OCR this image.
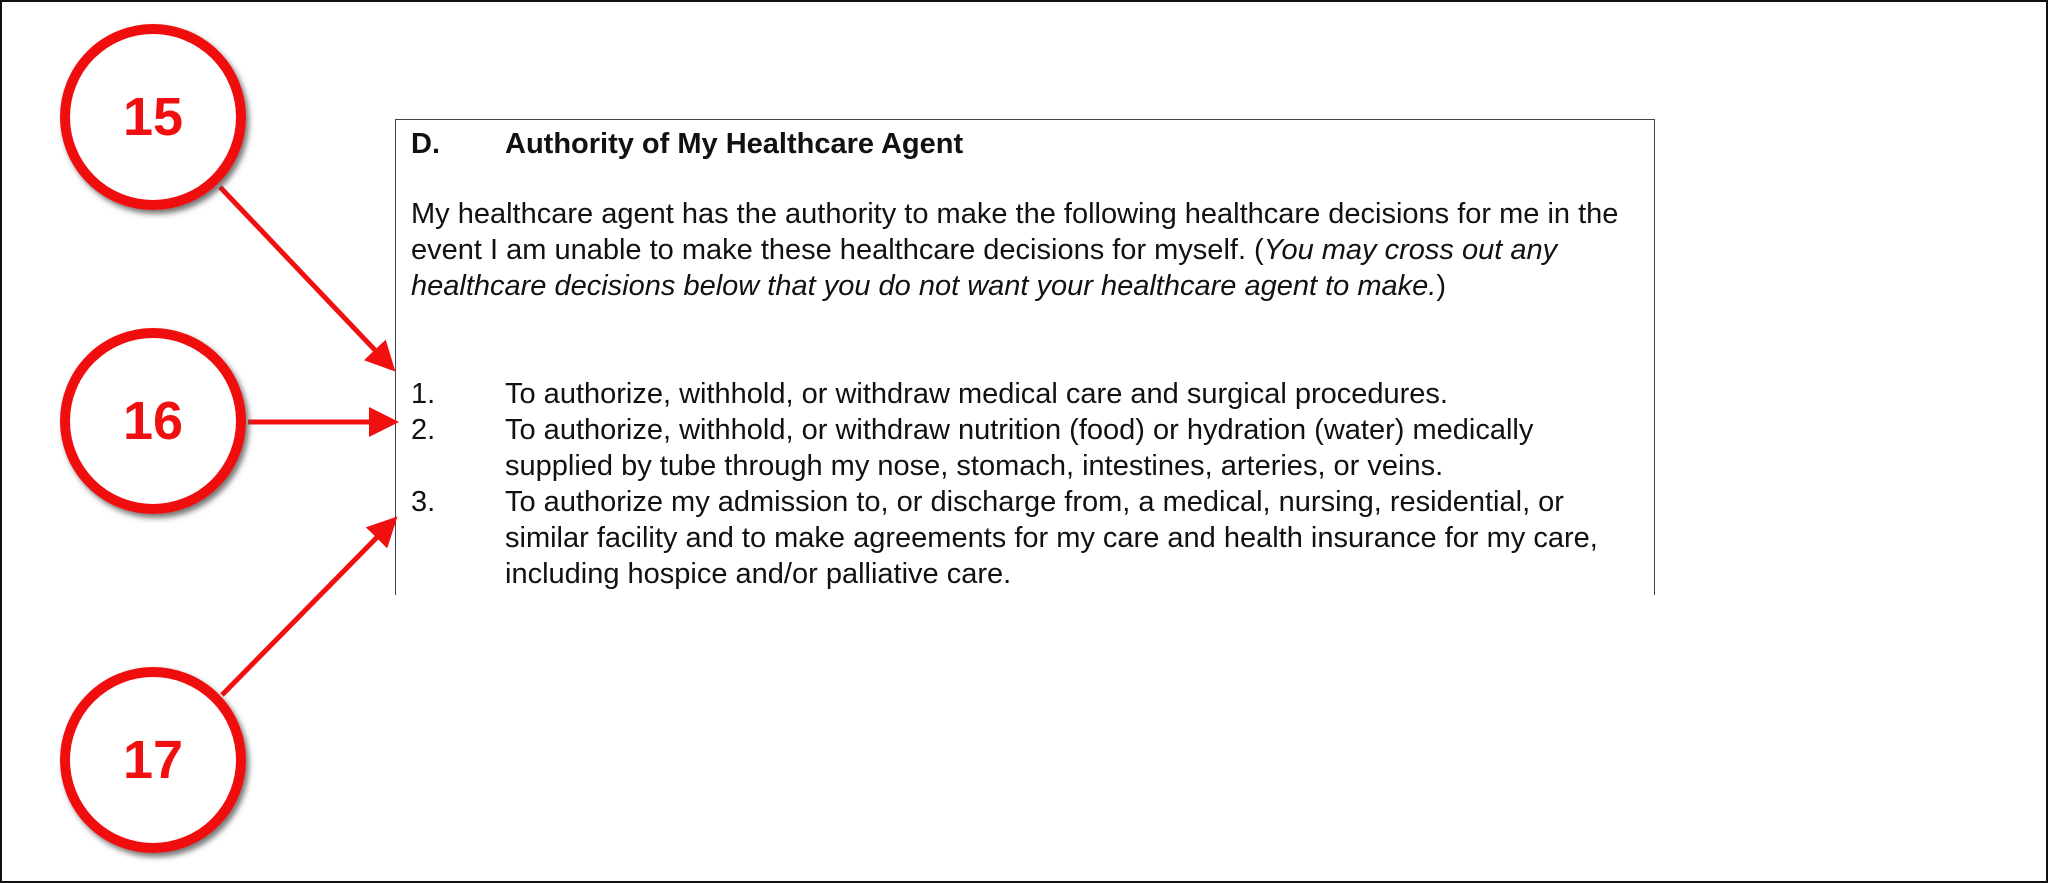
D. Authority of My Healthcare Agent

My healthcare agent has the authority to make the following healthcare decisions for me in the event I am unable to make these healthcare decisions for myself. (You may cross out any healthcare decisions below that you do not want your healthcare agent to make.)

1.	To authorize, withhold, or withdraw medical care and surgical procedures.
2.	To authorize, withhold, or withdraw nutrition (food) or hydration (water) medically supplied by tube through my nose, stomach, intestines, arteries, or veins.
3.	To authorize my admission to, or discharge from, a medical, nursing, residential, or similar facility and to make agreements for my care and health insurance for my care, including hospice and/or palliative care.
15
16
17
